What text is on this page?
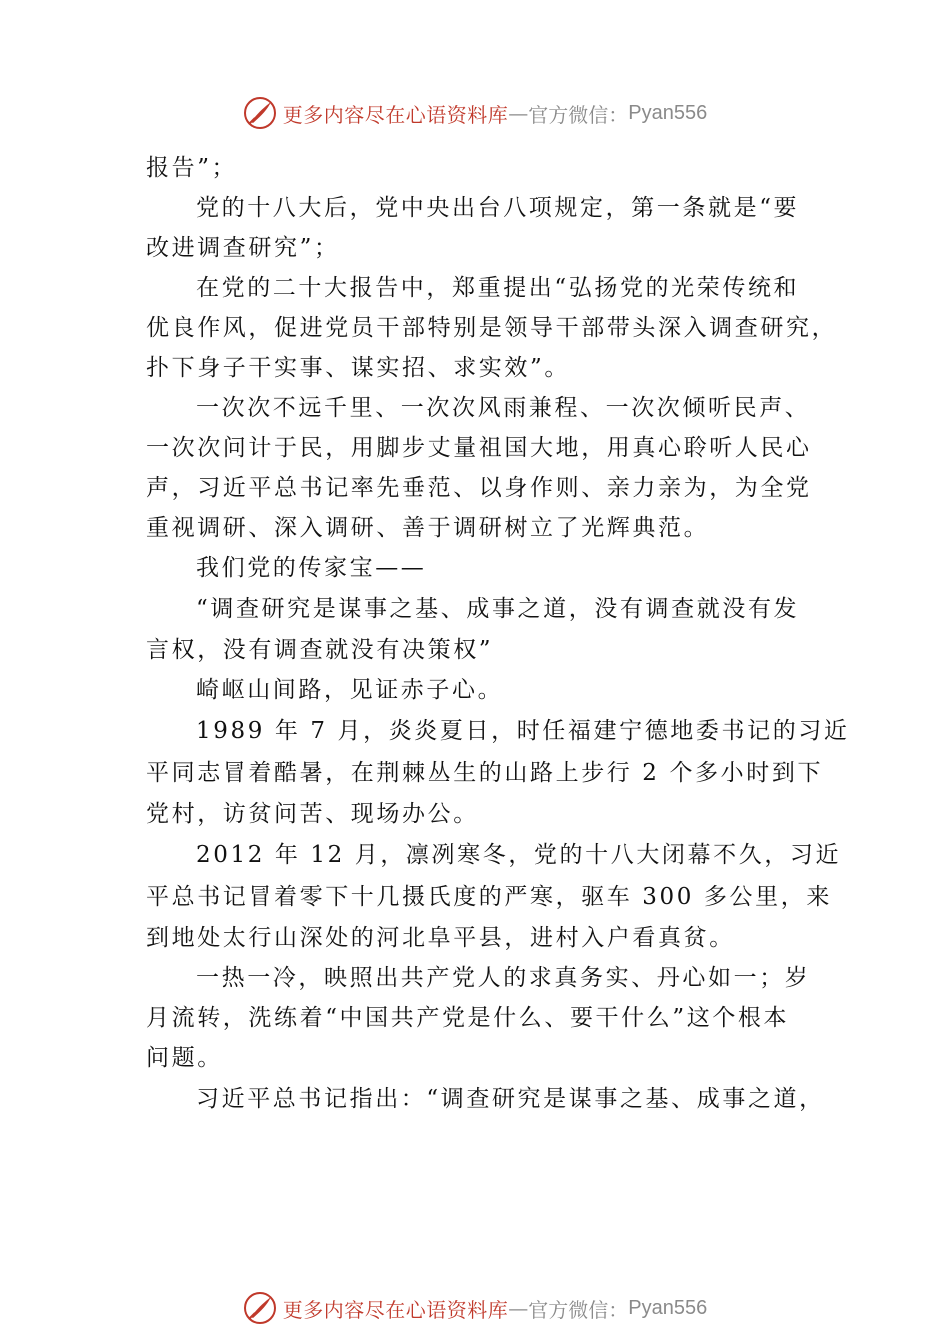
更多内容尽在心语资料库 — 官方微信： Pyan556
报告”；
党的十八大后，党中央出台八项规定，第一条就是“要
改进调查研究”；
在党的二十大报告中，郑重提出“弘扬党的光荣传统和
优良作风，促进党员干部特别是领导干部带头深入调查研究，
扑下身子干实事、谋实招、求实效”。
一次次不远千里、一次次风雨兼程、一次次倾听民声、
一次次问计于民，用脚步丈量祖国大地，用真心聆听人民心
声，习近平总书记率先垂范、以身作则、亲力亲为，为全党
重视调研、深入调研、善于调研树立了光辉典范。
我们党的传家宝——
“调查研究是谋事之基、成事之道，没有调查就没有发
言权，没有调查就没有决策权”
崎岖山间路，见证赤子心。
1989 年 7 月，炎炎夏日，时任福建宁德地委书记的习近
平同志冒着酷暑，在荆棘丛生的山路上步行 2 个多小时到下
党村，访贫问苦、现场办公。
2012 年 12 月，凛冽寒冬，党的十八大闭幕不久，习近
平总书记冒着零下十几摄氏度的严寒，驱车 300 多公里，来
到地处太行山深处的河北阜平县，进村入户看真贫。
一热一冷，映照出共产党人的求真务实、丹心如一；岁
月流转，洗练着“中国共产党是什么、要干什么”这个根本
问题。
习近平总书记指出：“调查研究是谋事之基、成事之道，
更多内容尽在心语资料库 — 官方微信： Pyan556
